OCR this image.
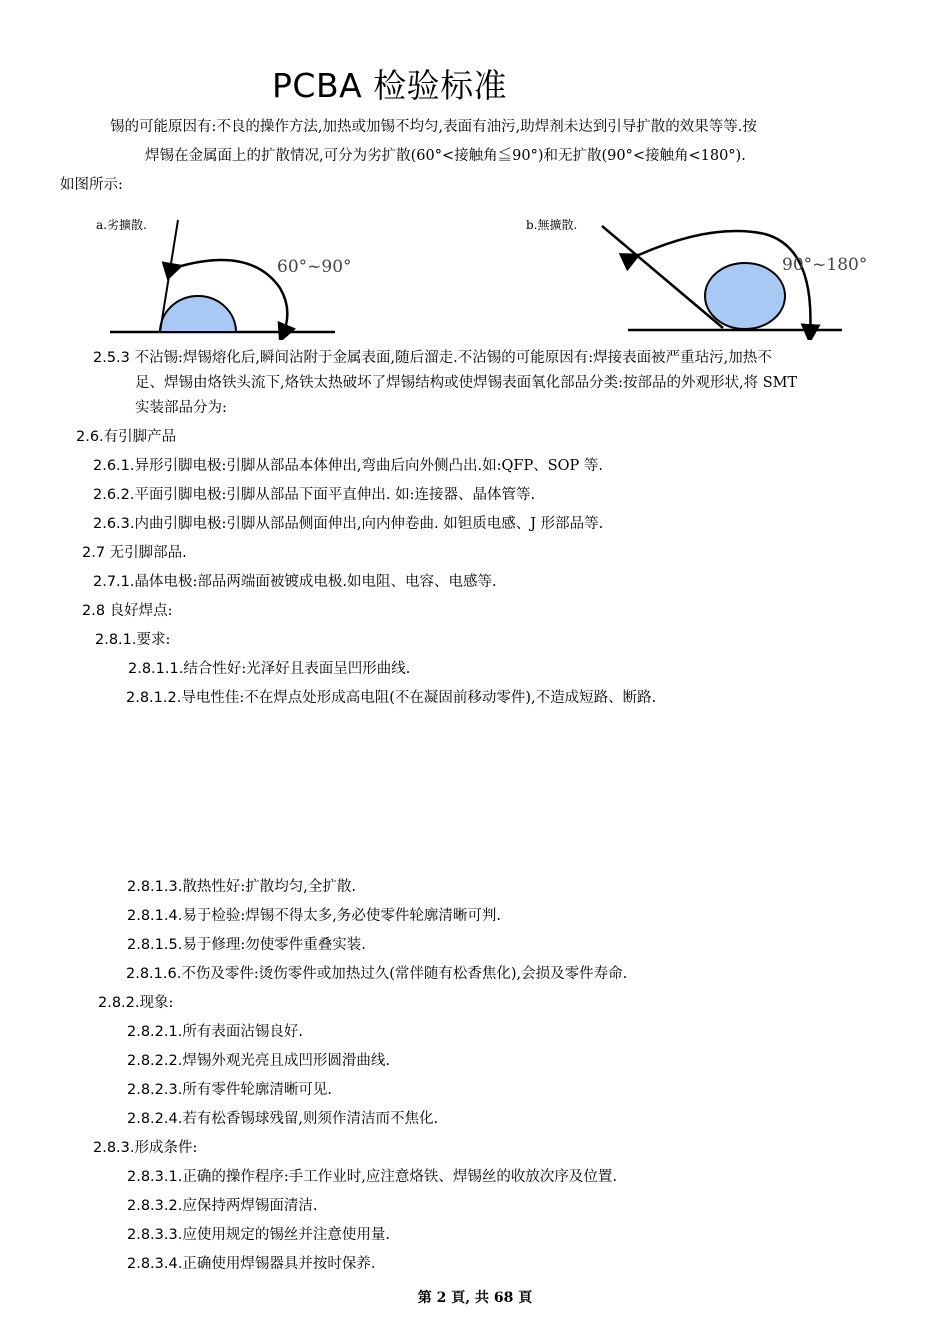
PCBA 检验标准
锡的可能原因有:不良的操作方法,加热或加锡不均匀,表面有油污,助焊剂未达到引导扩散的效果等等.按
焊锡在金属面上的扩散情况,可分为劣扩散(60°<接触角≦90°)和无扩散(90°<接触角<180°).
如图所示:
a.劣擴散.
60°~90°
b.無擴散.
90°~180°
2.5.3 不沾锡:焊锡熔化后,瞬间沾附于金属表面,随后溜走.不沾锡的可能原因有:焊接表面被严重玷污,加热不
足、焊锡由烙铁头流下,烙铁太热破坏了焊锡结构或使焊锡表面氧化部品分类:按部品的外观形状,将 SMT
实装部品分为:
2.6.有引脚产品
2.6.1.异形引脚电极:引脚从部品本体伸出,弯曲后向外侧凸出.如:QFP、SOP 等.
2.6.2.平面引脚电极:引脚从部品下面平直伸出. 如:连接器、晶体管等.
2.6.3.内曲引脚电极:引脚从部品侧面伸出,向内伸卷曲. 如钽质电感、J 形部品等.
2.7 无引脚部品.
2.7.1.晶体电极:部品两端面被镀成电极.如电阻、电容、电感等.
2.8 良好焊点:
2.8.1.要求:
2.8.1.1.结合性好:光泽好且表面呈凹形曲线.
2.8.1.2.导电性佳:不在焊点处形成高电阻(不在凝固前移动零件),不造成短路、断路.
2.8.1.3.散热性好:扩散均匀,全扩散.
2.8.1.4.易于检验:焊锡不得太多,务必使零件轮廓清晰可判.
2.8.1.5.易于修理:勿使零件重叠实装.
2.8.1.6.不伤及零件:烫伤零件或加热过久(常伴随有松香焦化),会损及零件寿命.
2.8.2.现象:
2.8.2.1.所有表面沾锡良好.
2.8.2.2.焊锡外观光亮且成凹形圆滑曲线.
2.8.2.3.所有零件轮廓清晰可见.
2.8.2.4.若有松香锡球残留,则须作清洁而不焦化.
2.8.3.形成条件:
2.8.3.1.正确的操作程序:手工作业时,应注意烙铁、焊锡丝的收放次序及位置.
2.8.3.2.应保持两焊锡面清洁.
2.8.3.3.应使用规定的锡丝并注意使用量.
2.8.3.4.正确使用焊锡器具并按时保养.
第 2 頁, 共 68 頁
